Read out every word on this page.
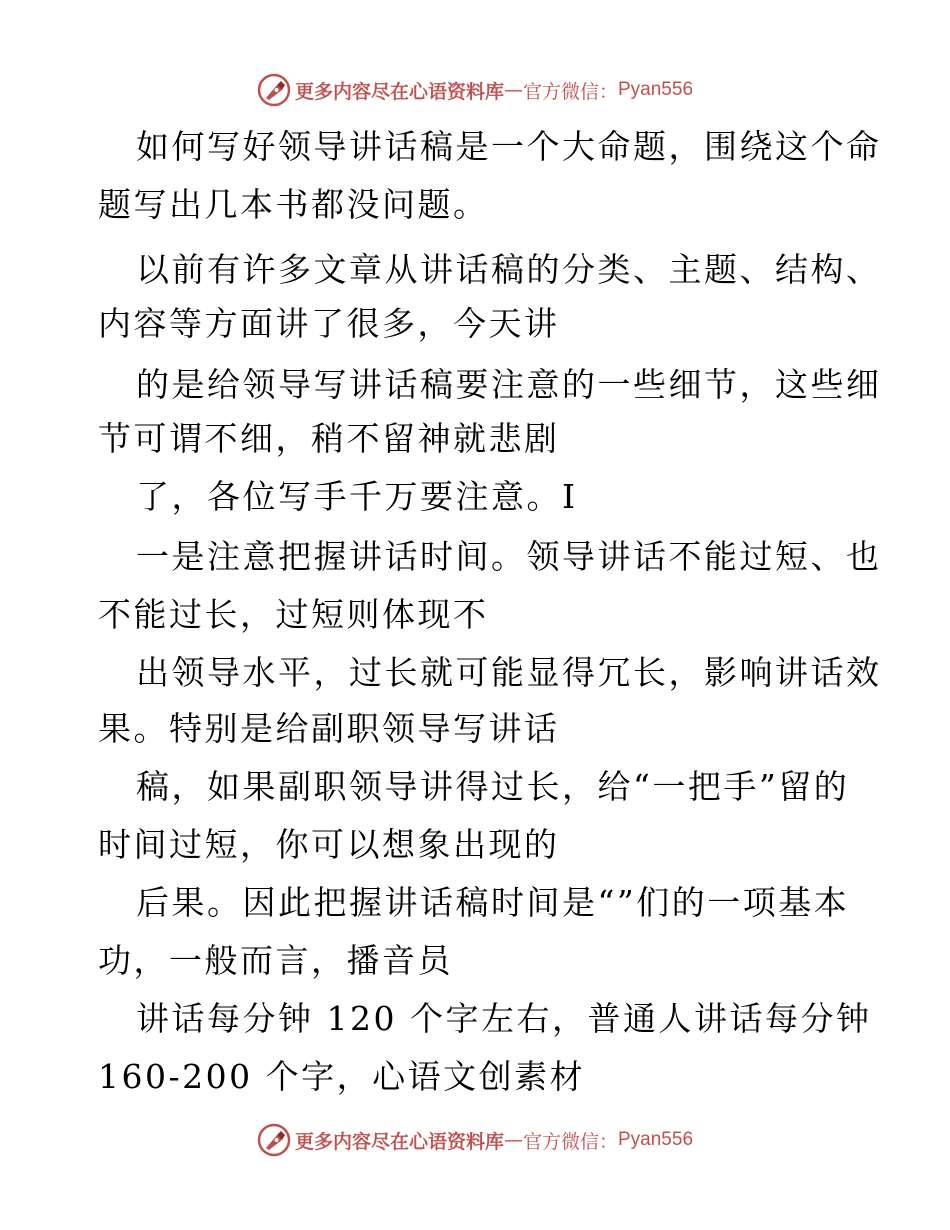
更多内容尽在心语资料库 — 官方微信： Pyan556
如何写好领导讲话稿是一个大命题，围绕这个命
题写出几本书都没问题。
以前有许多文章从讲话稿的分类、主题、结构、
内容等方面讲了很多，今天讲
的是给领导写讲话稿要注意的一些细节，这些细
节可谓不细，稍不留神就悲剧
了，各位写手千万要注意。I
一是注意把握讲话时间。领导讲话不能过短、也
不能过长，过短则体现不
出领导水平，过长就可能显得冗长，影响讲话效
果。特别是给副职领导写讲话
稿，如果副职领导讲得过长，给“一把手”留的
时间过短，你可以想象出现的
后果。因此把握讲话稿时间是“”们的一项基本
功，一般而言，播音员
讲话每分钟 120 个字左右，普通人讲话每分钟
160-200 个字，心语文创素材
更多内容尽在心语资料库 — 官方微信： Pyan556
